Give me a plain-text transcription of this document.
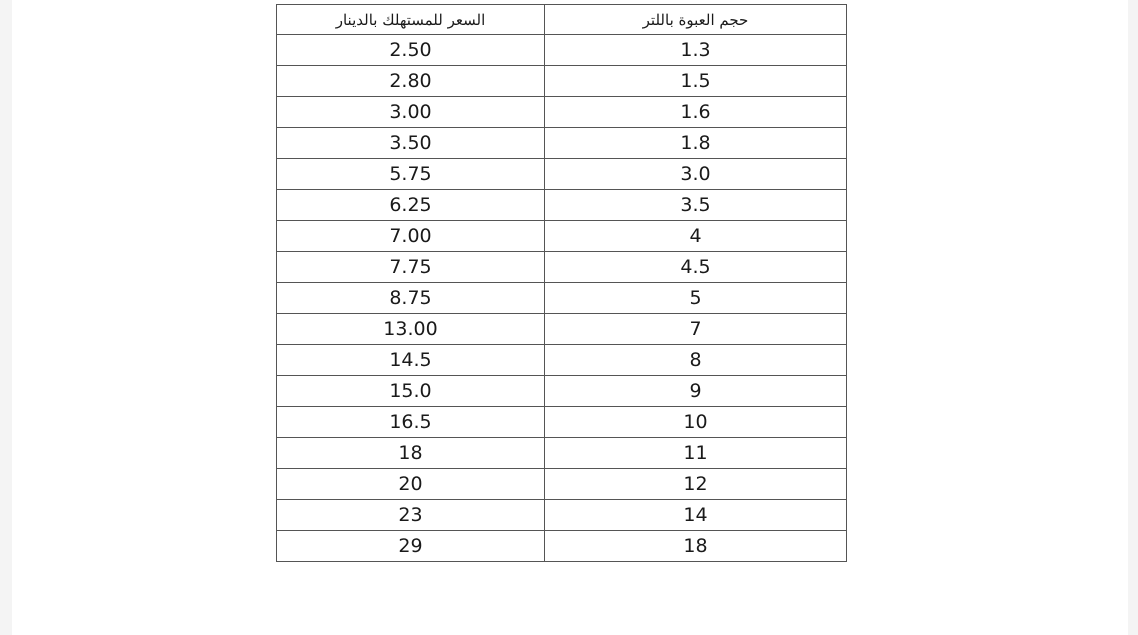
السعر للمستهلك بالدينار	حجم العبوة باللتر
2.50	1.3
2.80	1.5
3.00	1.6
3.50	1.8
5.75	3.0
6.25	3.5
7.00	4
7.75	4.5
8.75	5
13.00	7
14.5	8
15.0	9
16.5	10
18	11
20	12
23	14
29	18
